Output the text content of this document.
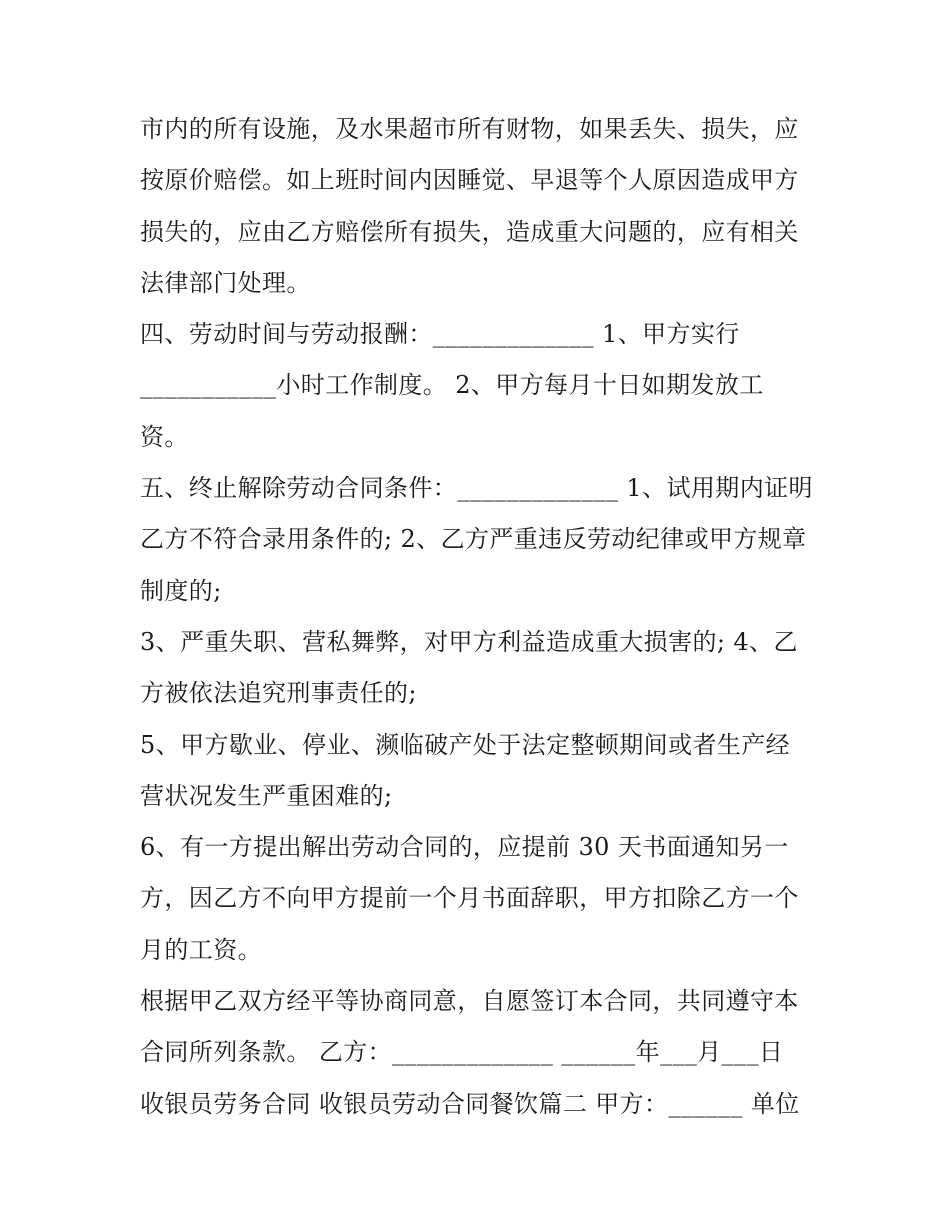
市内的所有设施，及水果超市所有财物，如果丢失、损失，应
按原价赔偿。如上班时间内因睡觉、早退等个人原因造成甲方
损失的，应由乙方赔偿所有损失，造成重大问题的，应有相关
法律部门处理。
四、劳动时间与劳动报酬：_____________ 1、甲方实行
___________小时工作制度。 2、甲方每月十日如期发放工
资。
五、终止解除劳动合同条件：_____________ 1、试用期内证明
乙方不符合录用条件的; 2、乙方严重违反劳动纪律或甲方规章
制度的;
3、严重失职、营私舞弊，对甲方利益造成重大损害的; 4、乙
方被依法追究刑事责任的;
5、甲方歇业、停业、濒临破产处于法定整顿期间或者生产经
营状况发生严重困难的;
6、有一方提出解出劳动合同的，应提前 30 天书面通知另一
方，因乙方不向甲方提前一个月书面辞职，甲方扣除乙方一个
月的工资。
根据甲乙双方经平等协商同意，自愿签订本合同，共同遵守本
合同所列条款。 乙方：_____________ ______年___月___日
收银员劳务合同 收银员劳动合同餐饮篇二 甲方：______ 单位
